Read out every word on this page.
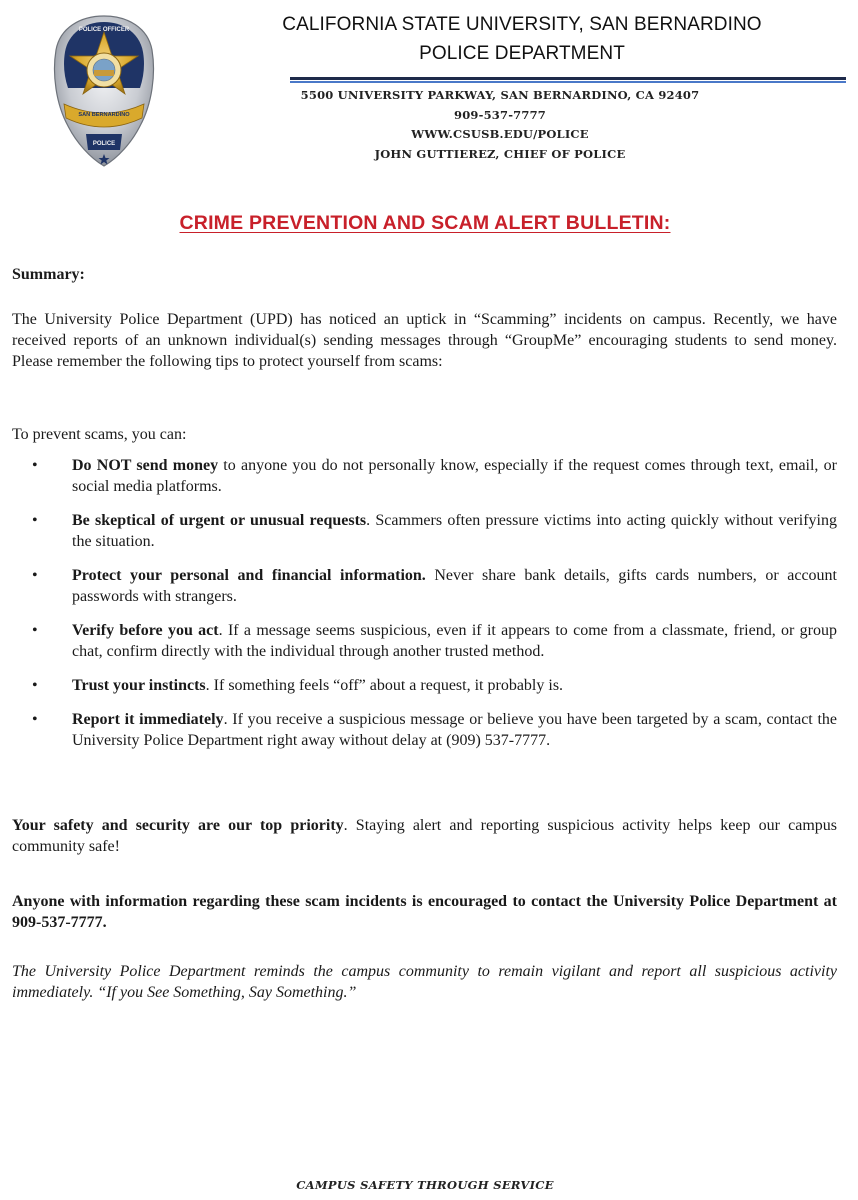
POLICE OFFICER
SAN BERNARDINO
POLICE
CALIFORNIA STATE UNIVERSITY, SAN BERNARDINO
POLICE DEPARTMENT
5500 UNIVERSITY PARKWAY, SAN BERNARDINO, CA 92407
909-537-7777
WWW.CSUSB.EDU/POLICE
JOHN GUTTIEREZ, CHIEF OF POLICE
CRIME PREVENTION AND SCAM ALERT BULLETIN:
Summary:
The University Police Department (UPD) has noticed an uptick in “Scamming” incidents on campus. Recently, we have received reports of an unknown individual(s) sending messages through “GroupMe” encouraging students to send money. Please remember the following tips to protect yourself from scams:
To prevent scams, you can:
• Do NOT send money to anyone you do not personally know, especially if the request comes through text, email, or social media platforms.
• Be skeptical of urgent or unusual requests. Scammers often pressure victims into acting quickly without verifying the situation.
• Protect your personal and financial information. Never share bank details, gifts cards numbers, or account passwords with strangers.
• Verify before you act. If a message seems suspicious, even if it appears to come from a classmate, friend, or group chat, confirm directly with the individual through another trusted method.
• Trust your instincts. If something feels “off” about a request, it probably is.
• Report it immediately. If you receive a suspicious message or believe you have been targeted by a scam, contact the University Police Department right away without delay at (909) 537-7777.
Your safety and security are our top priority. Staying alert and reporting suspicious activity helps keep our campus community safe!
Anyone with information regarding these scam incidents is encouraged to contact the University Police Department at 909-537-7777.
The University Police Department reminds the campus community to remain vigilant and report all suspicious activity immediately. “If you See Something, Say Something.”
CAMPUS SAFETY THROUGH SERVICE
